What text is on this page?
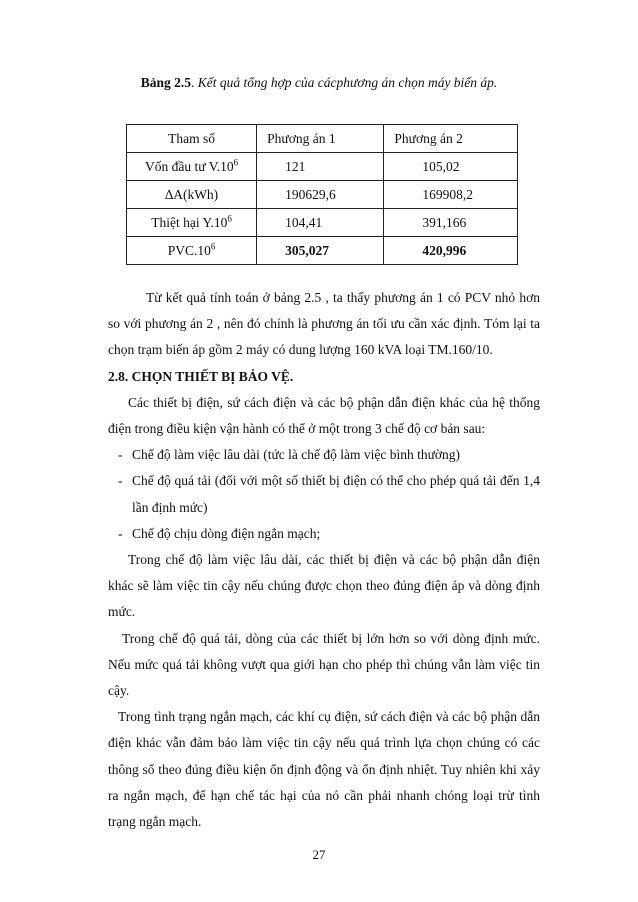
Bảng 2.5. Kết quả tổng hợp của cácphương án chọn máy biến áp.
Tham số	Phương án 1	Phương án 2
Vốn đầu tư $V.10^6$	121	105,02
∆A(kWh)	190629,6	169908,2
Thiệt hại $Y.10^6$	104,41	391,166
$PVC.10^6$	305,027	420,996

Từ kết quả tính toán ở bảng 2.5 , ta thấy phương án 1 có PCV nhỏ hơn so với phương án 2 , nên đó chính là phương án tối ưu cần xác định. Tóm lại ta chọn trạm biến áp gồm 2 máy có dung lượng 160 kVA loại TM.160/10.

2.8. CHỌN THIẾT BỊ BẢO VỆ.

Các thiết bị điện, sứ cách điện và các bộ phận dẫn điện khác của hệ thống điện trong điều kiện vận hành có thể ở một trong 3 chế độ cơ bản sau:

- Chế độ làm việc lâu dài (tức là chế độ làm việc bình thường)

- Chế độ quá tải (đối với một số thiết bị điện có thể cho phép quá tải đến 1,4 lần định mức)

- Chế độ chịu dòng điện ngắn mạch;

Trong chế độ làm việc lâu dài, các thiết bị điện và các bộ phận dẫn điện khác sẽ làm việc tin cậy nếu chúng được chọn theo đúng điện áp và dòng định mức.

Trong chế độ quá tải, dòng của các thiết bị lớn hơn so với dòng định mức. Nếu mức quá tải không vượt qua giới hạn cho phép thì chúng vẫn làm việc tin cậy.

Trong tình trạng ngắn mạch, các khí cụ điện, sứ cách điện và các bộ phận dẫn điện khác vẫn đảm bảo làm việc tin cậy nếu quá trình lựa chọn chúng có các thông số theo đúng điều kiện ổn định động và ổn định nhiệt. Tuy nhiên khi xảy ra ngắn mạch, để hạn chế tác hại của nó cần phải nhanh chóng loại trừ tình trạng ngắn mạch.

27
